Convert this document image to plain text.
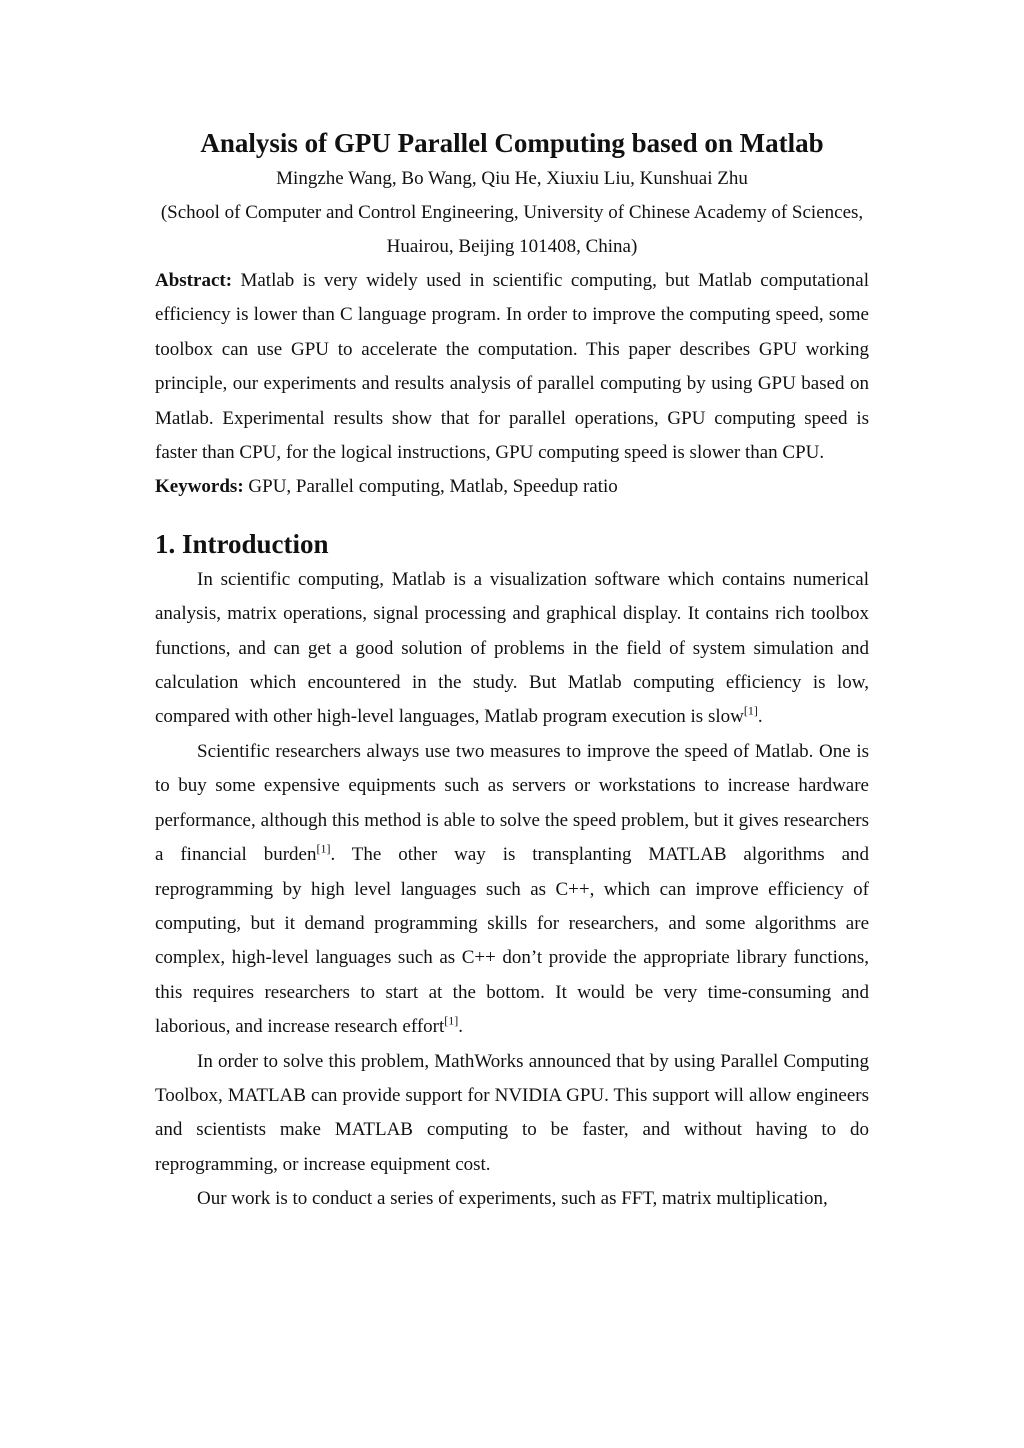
Analysis of GPU Parallel Computing based on Matlab

Mingzhe Wang, Bo Wang, Qiu He, Xiuxiu Liu, Kunshuai Zhu

(School of Computer and Control Engineering, University of Chinese Academy of Sciences, Huairou, Beijing 101408, China)

Abstract: Matlab is very widely used in scientific computing, but Matlab computational efficiency is lower than C language program. In order to improve the computing speed, some toolbox can use GPU to accelerate the computation. This paper describes GPU working principle, our experiments and results analysis of parallel computing by using GPU based on Matlab. Experimental results show that for parallel operations, GPU computing speed is faster than CPU, for the logical instructions, GPU computing speed is slower than CPU.

Keywords: GPU, Parallel computing, Matlab, Speedup ratio

1. Introduction

In scientific computing, Matlab is a visualization software which contains numerical analysis, matrix operations, signal processing and graphical display. It contains rich toolbox functions, and can get a good solution of problems in the field of system simulation and calculation which encountered in the study. But Matlab computing efficiency is low, compared with other high-level languages, Matlab program execution is slow[1].

Scientific researchers always use two measures to improve the speed of Matlab. One is to buy some expensive equipments such as servers or workstations to increase hardware performance, although this method is able to solve the speed problem, but it gives researchers a financial burden[1]. The other way is transplanting MATLAB algorithms and reprogramming by high level languages such as C++, which can improve efficiency of computing, but it demand programming skills for researchers, and some algorithms are complex, high-level languages such as C++ don’t provide the appropriate library functions, this requires researchers to start at the bottom. It would be very time-consuming and laborious, and increase research effort[1].

In order to solve this problem, MathWorks announced that by using Parallel Computing Toolbox, MATLAB can provide support for NVIDIA GPU. This support will allow engineers and scientists make MATLAB computing to be faster, and without having to do reprogramming, or increase equipment cost.

Our work is to conduct a series of experiments, such as FFT, matrix multiplication,
